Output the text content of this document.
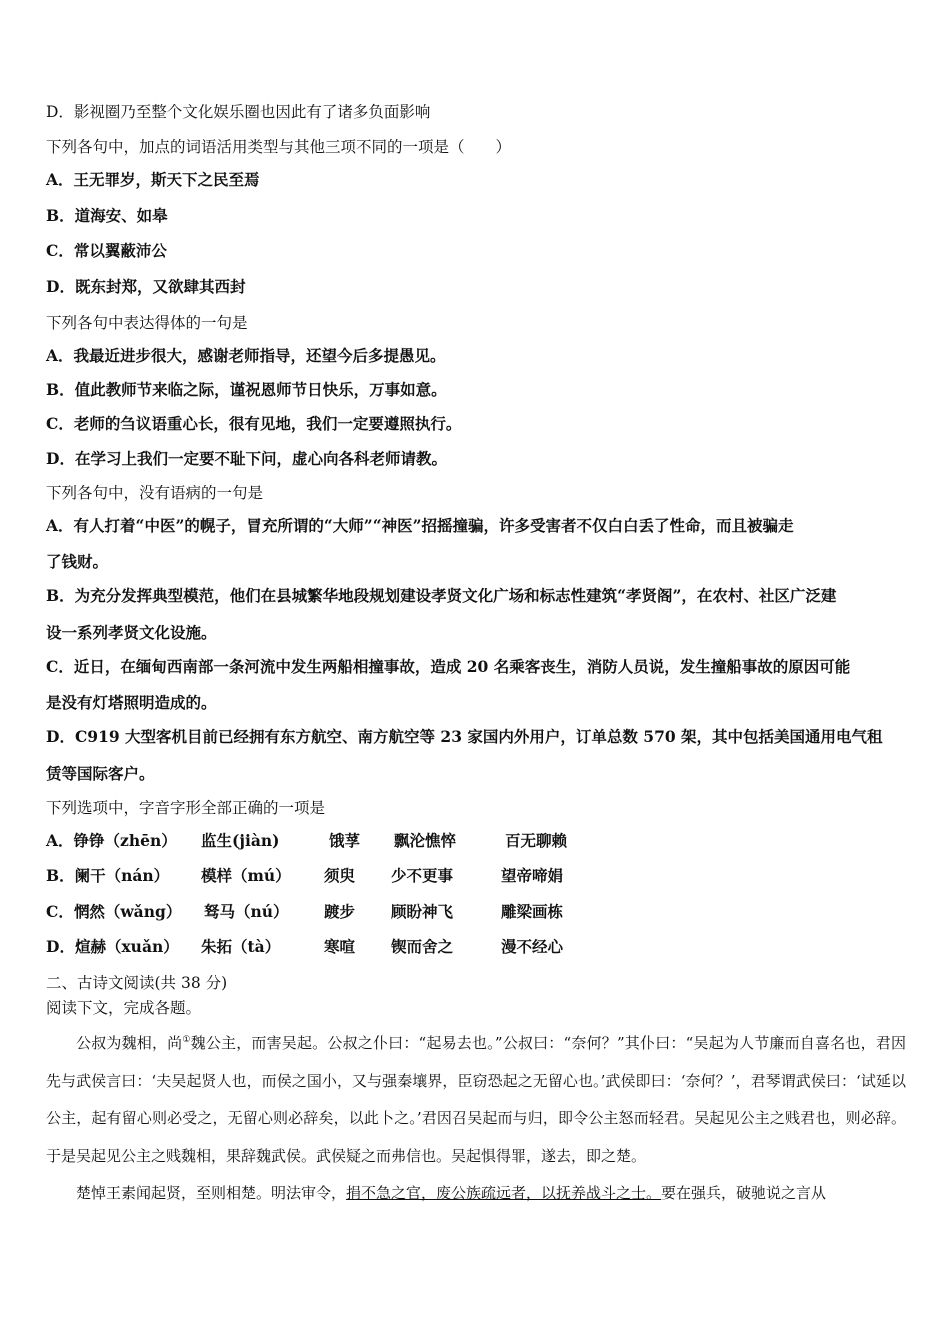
D．影视圈乃至整个文化娱乐圈也因此有了诸多负面影响
下列各句中，加点的词语活用类型与其他三项不同的一项是（　　）
A．王无罪岁，斯天下之民至焉
B．道海安、如皋
C．常以翼蔽沛公
D．既东封郑，又欲肆其西封
下列各句中表达得体的一句是
A．我最近进步很大，感谢老师指导，还望今后多提愚见。
B．值此教师节来临之际，谨祝恩师节日快乐，万事如意。
C．老师的刍议语重心长，很有见地，我们一定要遵照执行。
D．在学习上我们一定要不耻下问，虚心向各科老师请教。
下列各句中，没有语病的一句是
A．有人打着“中医”的幌子，冒充所谓的“大师”“神医”招摇撞骗，许多受害者不仅白白丢了性命，而且被骗走
了钱财。
B．为充分发挥典型模范，他们在县城繁华地段规划建设孝贤文化广场和标志性建筑“孝贤阁”，在农村、社区广泛建
设一系列孝贤文化设施。
C．近日，在缅甸西南部一条河流中发生两船相撞事故，造成 20 名乘客丧生，消防人员说，发生撞船事故的原因可能
是没有灯塔照明造成的。
D．C919 大型客机目前已经拥有东方航空、南方航空等 23 家国内外用户，订单总数 570 架，其中包括美国通用电气租
赁等国际客户。
下列选项中，字音字形全部正确的一项是
A．铮铮（zhēn） 监生(jiàn)	饿莩 飘沦憔悴	百无聊赖
B．阑干（nán） 模样（mú） 须臾 少不更事	望帝啼娟
C．惘然（wǎng） 驽马（nú） 踱步 顾盼神飞	雕梁画栋
D．煊赫（xuǎn） 朱拓（tà）	寒喧 锲而舍之	漫不经心
二、古诗文阅读(共 38 分)
阅读下文，完成各题。

公叔为魏相，尚①魏公主，而害吴起。公叔之仆曰：“起易去也。”公叔曰：“奈何？”其仆曰：“吴起为人节廉而自喜名也，君因先与武侯言曰：‘夫吴起贤人也，而侯之国小，又与强秦壤界，臣窃恐起之无留心也。’武侯即曰：‘奈何？’，君琴谓武侯曰：‘试延以公主，起有留心则必受之，无留心则必辞矣，以此卜之。’君因召吴起而与归，即令公主怒而轻君。吴起见公主之贱君也，则必辞。于是吴起见公主之贱魏相，果辞魏武侯。武侯疑之而弗信也。吴起惧得罪，遂去，即之楚。

楚悼王素闻起贤，至则相楚。明法审令，捐不急之官，废公族疏远者，以抚养战斗之士。要在强兵，破驰说之言从
